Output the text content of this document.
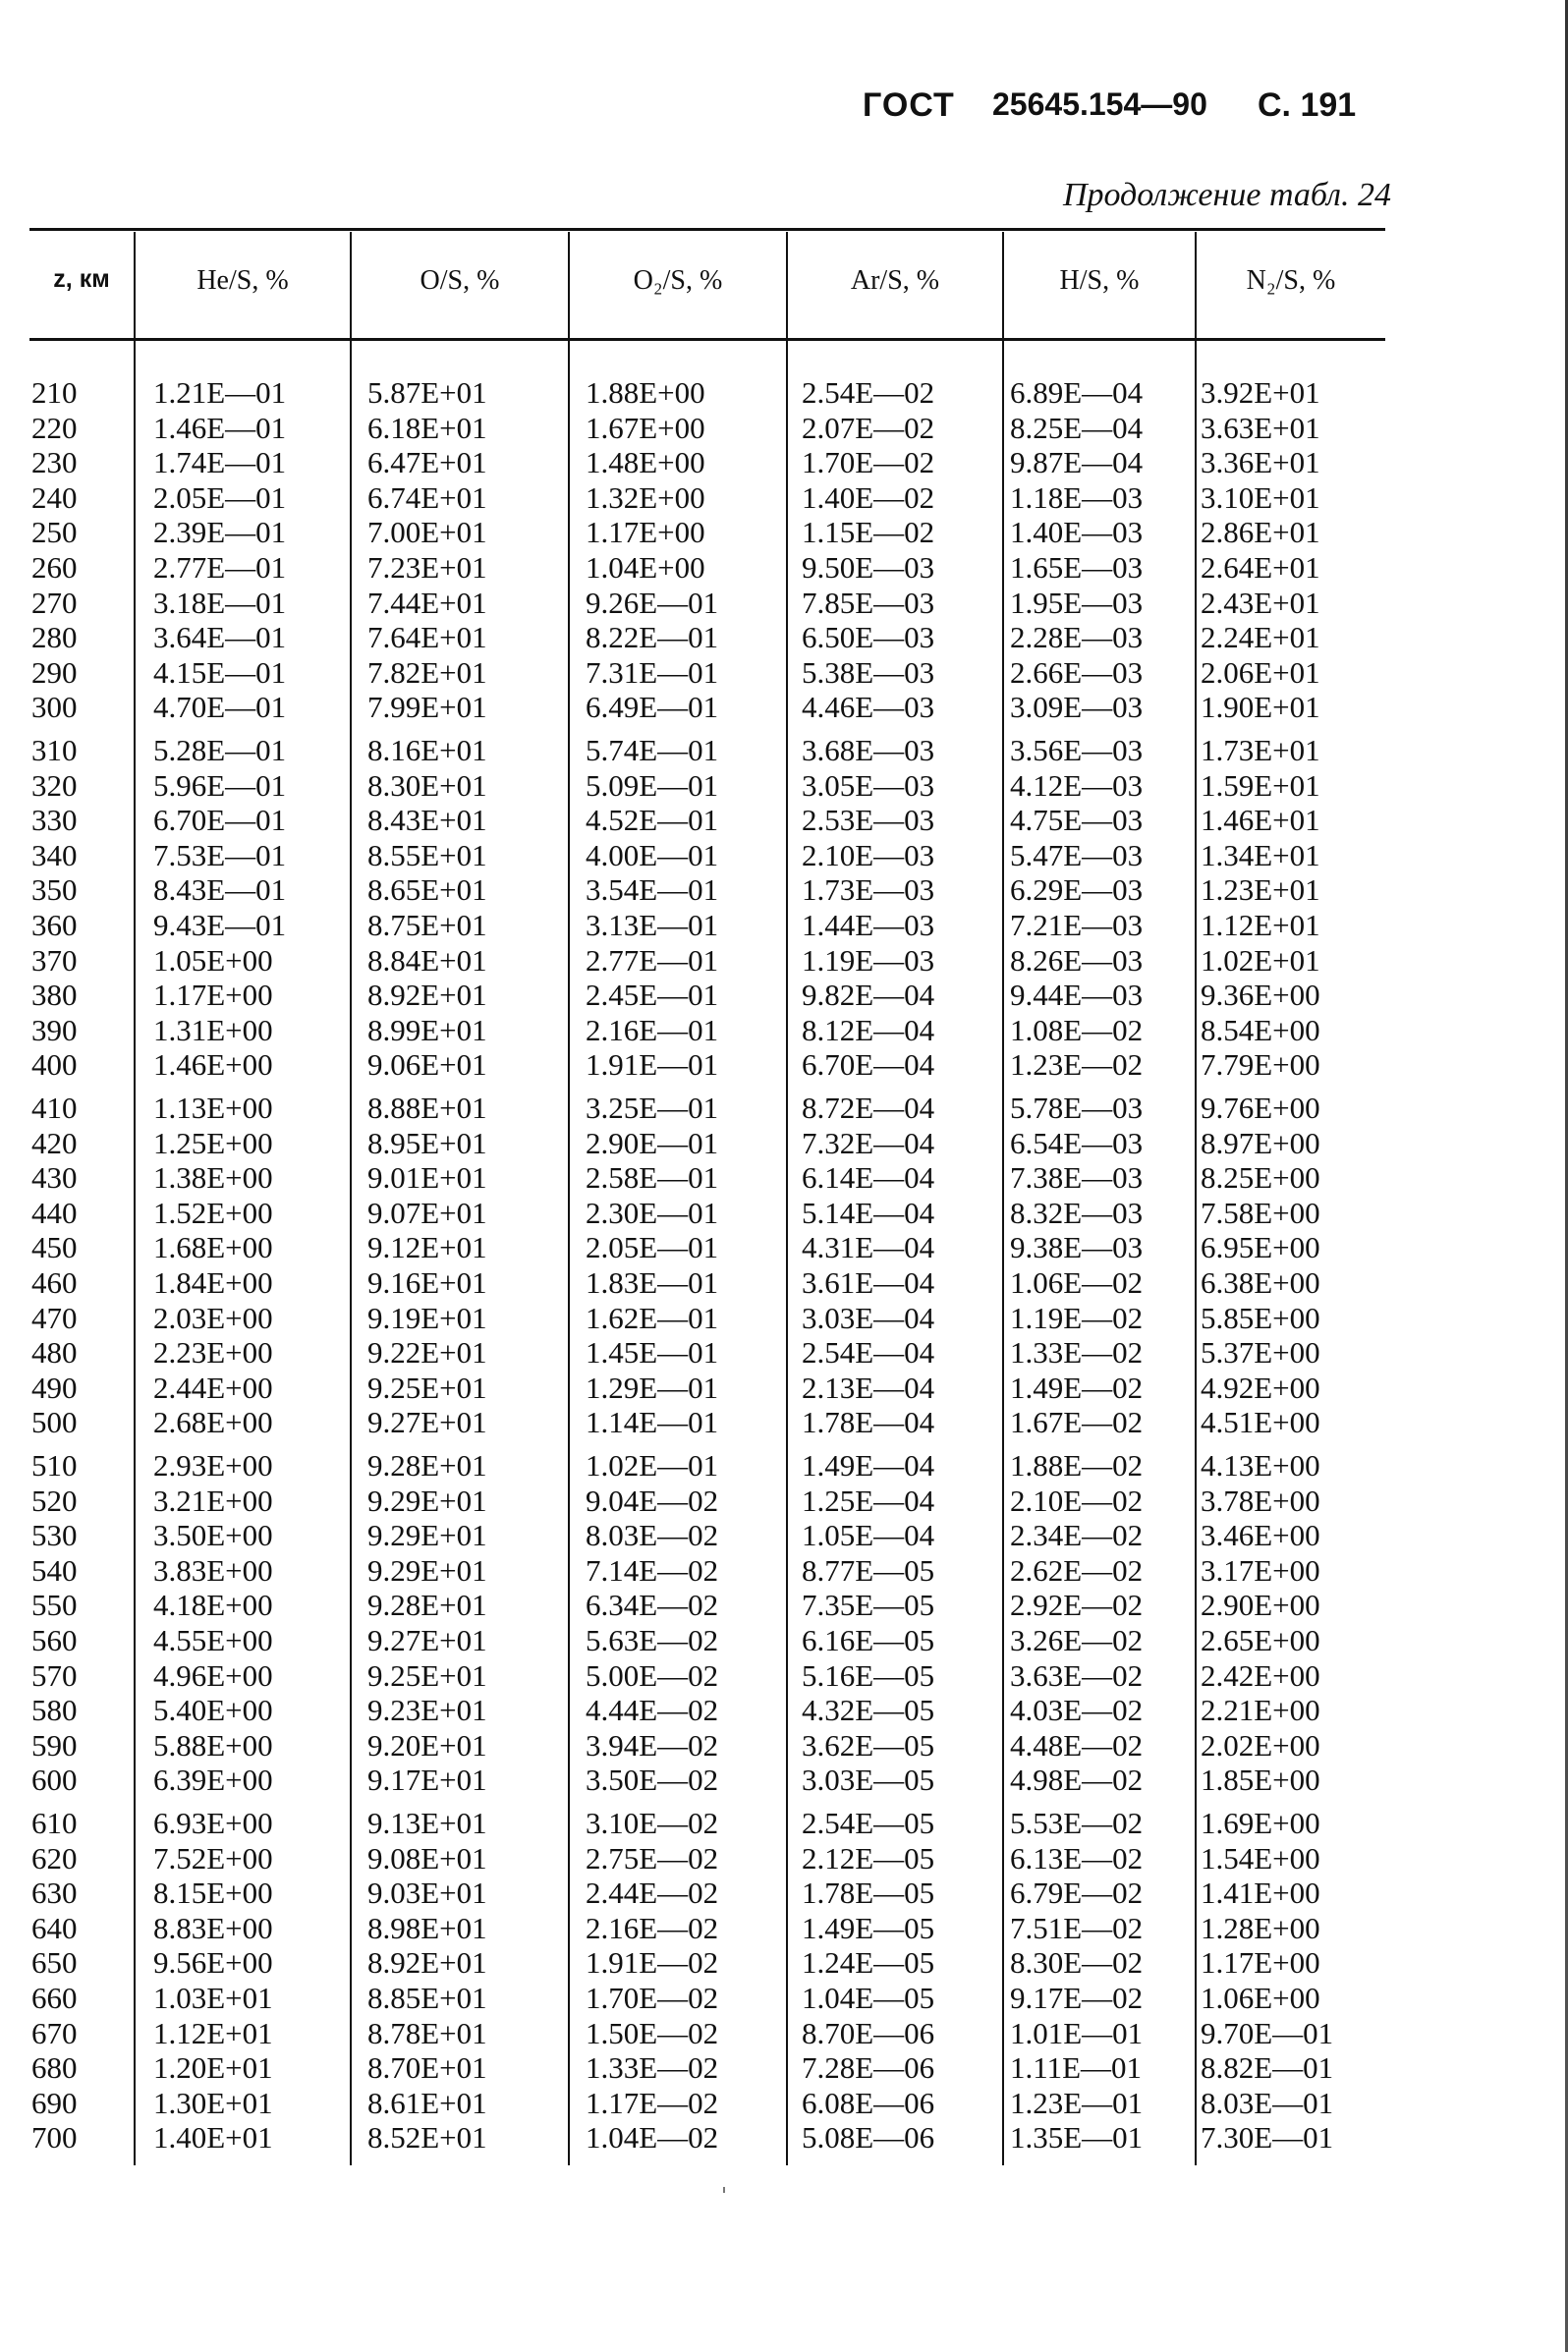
ГОСТ 25645.154—90 С. 191
Продолжение табл. 24
z, км	He/S, %	O/S, %	O₂/S, %	Ar/S, %	H/S, %	N₂/S, %
210	1.21E—01	5.87E+01	1.88E+00	2.54E—02 6.89E—04 3.92E+01
220	1.46E—01	6.18E+01	1.67E+00	2.07E—02 8.25E—04 3.63E+01
230	1.74E—01	6.47E+01	1.48E+00	1.70E—02 9.87E—04 3.36E+01
240	2.05E—01	6.74E+01	1.32E+00	1.40E—02 1.18E—03 3.10E+01
250	2.39E—01	7.00E+01	1.17E+00	1.15E—02 1.40E—03 2.86E+01
260	2.77E—01	7.23E+01	1.04E+00	9.50E—03 1.65E—03 2.64E+01
270	3.18E—01	7.44E+01	9.26E—01	7.85E—03 1.95E—03 2.43E+01
280	3.64E—01	7.64E+01	8.22E—01	6.50E—03 2.28E—03 2.24E+01
290	4.15E—01	7.82E+01	7.31E—01	5.38E—03 2.66E—03 2.06E+01
300	4.70E—01	7.99E+01	6.49E—01	4.46E—03 3.09E—03 1.90E+01
310	5.28E—01	8.16E+01	5.74E—01	3.68E—03 3.56E—03 1.73E+01
320	5.96E—01	8.30E+01	5.09E—01	3.05E—03 4.12E—03 1.59E+01
330	6.70E—01	8.43E+01	4.52E—01	2.53E—03 4.75E—03 1.46E+01
340	7.53E—01	8.55E+01	4.00E—01	2.10E—03 5.47E—03 1.34E+01
350	8.43E—01	8.65E+01	3.54E—01	1.73E—03 6.29E—03 1.23E+01
360	9.43E—01	8.75E+01	3.13E—01	1.44E—03 7.21E—03 1.12E+01
370	1.05E+00	8.84E+01	2.77E—01	1.19E—03 8.26E—03 1.02E+01
380	1.17E+00	8.92E+01	2.45E—01	9.82E—04 9.44E—03 9.36E+00
390	1.31E+00	8.99E+01	2.16E—01	8.12E—04 1.08E—02 8.54E+00
400	1.46E+00	9.06E+01	1.91E—01	6.70E—04 1.23E—02 7.79E+00
410	1.13E+00	8.88E+01	3.25E—01	8.72E—04 5.78E—03 9.76E+00
420	1.25E+00	8.95E+01	2.90E—01	7.32E—04 6.54E—03 8.97E+00
430	1.38E+00	9.01E+01	2.58E—01	6.14E—04 7.38E—03 8.25E+00
440	1.52E+00	9.07E+01	2.30E—01	5.14E—04 8.32E—03 7.58E+00
450	1.68E+00	9.12E+01	2.05E—01	4.31E—04 9.38E—03 6.95E+00
460	1.84E+00	9.16E+01	1.83E—01	3.61E—04 1.06E—02 6.38E+00
470	2.03E+00	9.19E+01	1.62E—01	3.03E—04 1.19E—02 5.85E+00
480	2.23E+00	9.22E+01	1.45E—01	2.54E—04 1.33E—02 5.37E+00
490	2.44E+00	9.25E+01	1.29E—01	2.13E—04 1.49E—02 4.92E+00
500	2.68E+00	9.27E+01	1.14E—01	1.78E—04 1.67E—02 4.51E+00
510	2.93E+00	9.28E+01	1.02E—01	1.49E—04 1.88E—02 4.13E+00
520	3.21E+00	9.29E+01	9.04E—02	1.25E—04 2.10E—02 3.78E+00
530	3.50E+00	9.29E+01	8.03E—02	1.05E—04 2.34E—02 3.46E+00
540	3.83E+00	9.29E+01	7.14E—02	8.77E—05 2.62E—02 3.17E+00
550	4.18E+00	9.28E+01	6.34E—02	7.35E—05 2.92E—02 2.90E+00
560	4.55E+00	9.27E+01	5.63E—02	6.16E—05 3.26E—02 2.65E+00
570	4.96E+00	9.25E+01	5.00E—02	5.16E—05 3.63E—02 2.42E+00
580	5.40E+00	9.23E+01	4.44E—02	4.32E—05 4.03E—02 2.21E+00
590	5.88E+00	9.20E+01	3.94E—02	3.62E—05 4.48E—02 2.02E+00
600	6.39E+00	9.17E+01	3.50E—02	3.03E—05 4.98E—02 1.85E+00
610	6.93E+00	9.13E+01	3.10E—02	2.54E—05 5.53E—02 1.69E+00
620	7.52E+00	9.08E+01	2.75E—02	2.12E—05 6.13E—02 1.54E+00
630	8.15E+00	9.03E+01	2.44E—02	1.78E—05 6.79E—02 1.41E+00
640	8.83E+00	8.98E+01	2.16E—02	1.49E—05 7.51E—02 1.28E+00
650	9.56E+00	8.92E+01	1.91E—02	1.24E—05 8.30E—02 1.17E+00
660	1.03E+01	8.85E+01	1.70E—02	1.04E—05 9.17E—02 1.06E+00
670	1.12E+01	8.78E+01	1.50E—02	8.70E—06 1.01E—01 9.70E—01
680	1.20E+01	8.70E+01	1.33E—02	7.28E—06 1.11E—01 8.82E—01
690	1.30E+01	8.61E+01	1.17E—02	6.08E—06 1.23E—01 8.03E—01
700	1.40E+01	8.52E+01	1.04E—02	5.08E—06 1.35E—01 7.30E—01
